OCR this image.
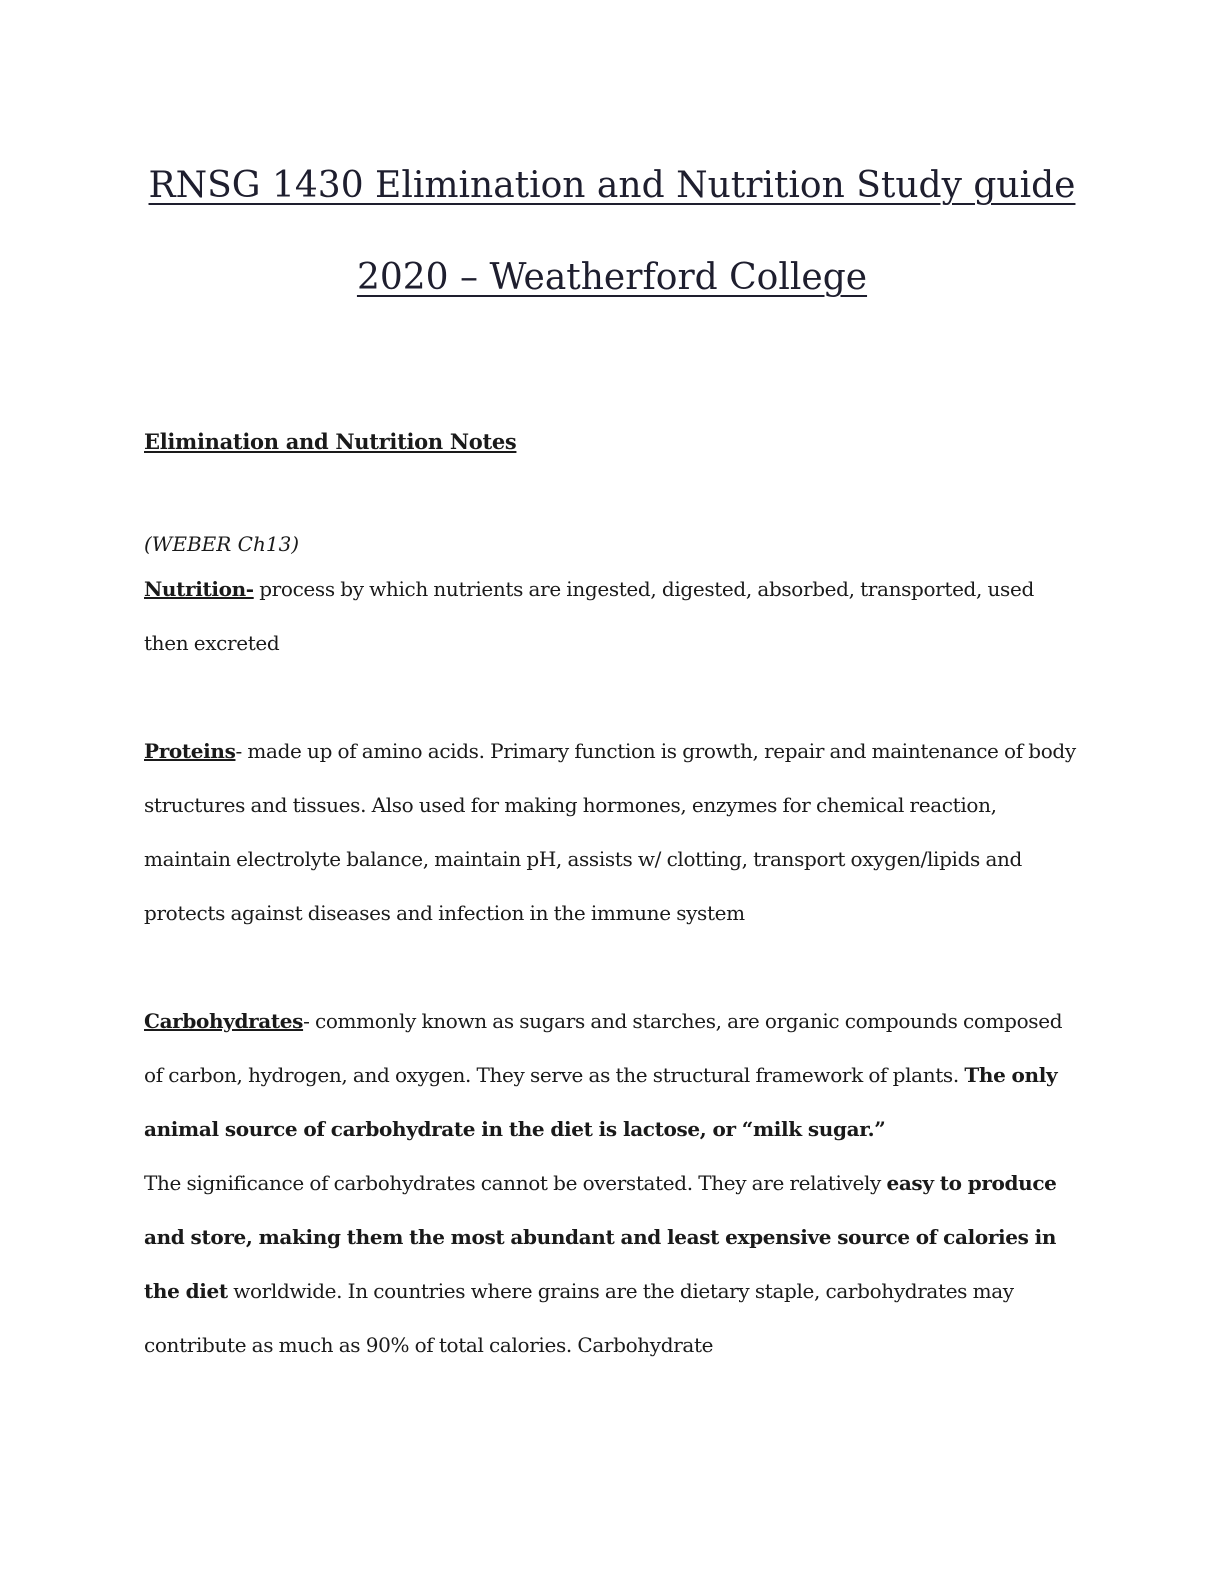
RNSG 1430 Elimination and Nutrition Study guide
2020 – Weatherford College
Elimination and Nutrition Notes
(WEBER Ch13)

Nutrition- process by which nutrients are ingested, digested, absorbed, transported, used then excreted

Proteins- made up of amino acids. Primary function is growth, repair and maintenance of body structures and tissues. Also used for making hormones, enzymes for chemical reaction, maintain electrolyte balance, maintain pH, assists w/ clotting, transport oxygen/lipids and protects against diseases and infection in the immune system

Carbohydrates- commonly known as sugars and starches, are organic compounds composed of carbon, hydrogen, and oxygen. They serve as the structural framework of plants. The only animal source of carbohydrate in the diet is lactose, or “milk sugar.”

The significance of carbohydrates cannot be overstated. They are relatively easy to produce and store, making them the most abundant and least expensive source of calories in the diet worldwide. In countries where grains are the dietary staple, carbohydrates may contribute as much as 90% of total calories. Carbohydrate
